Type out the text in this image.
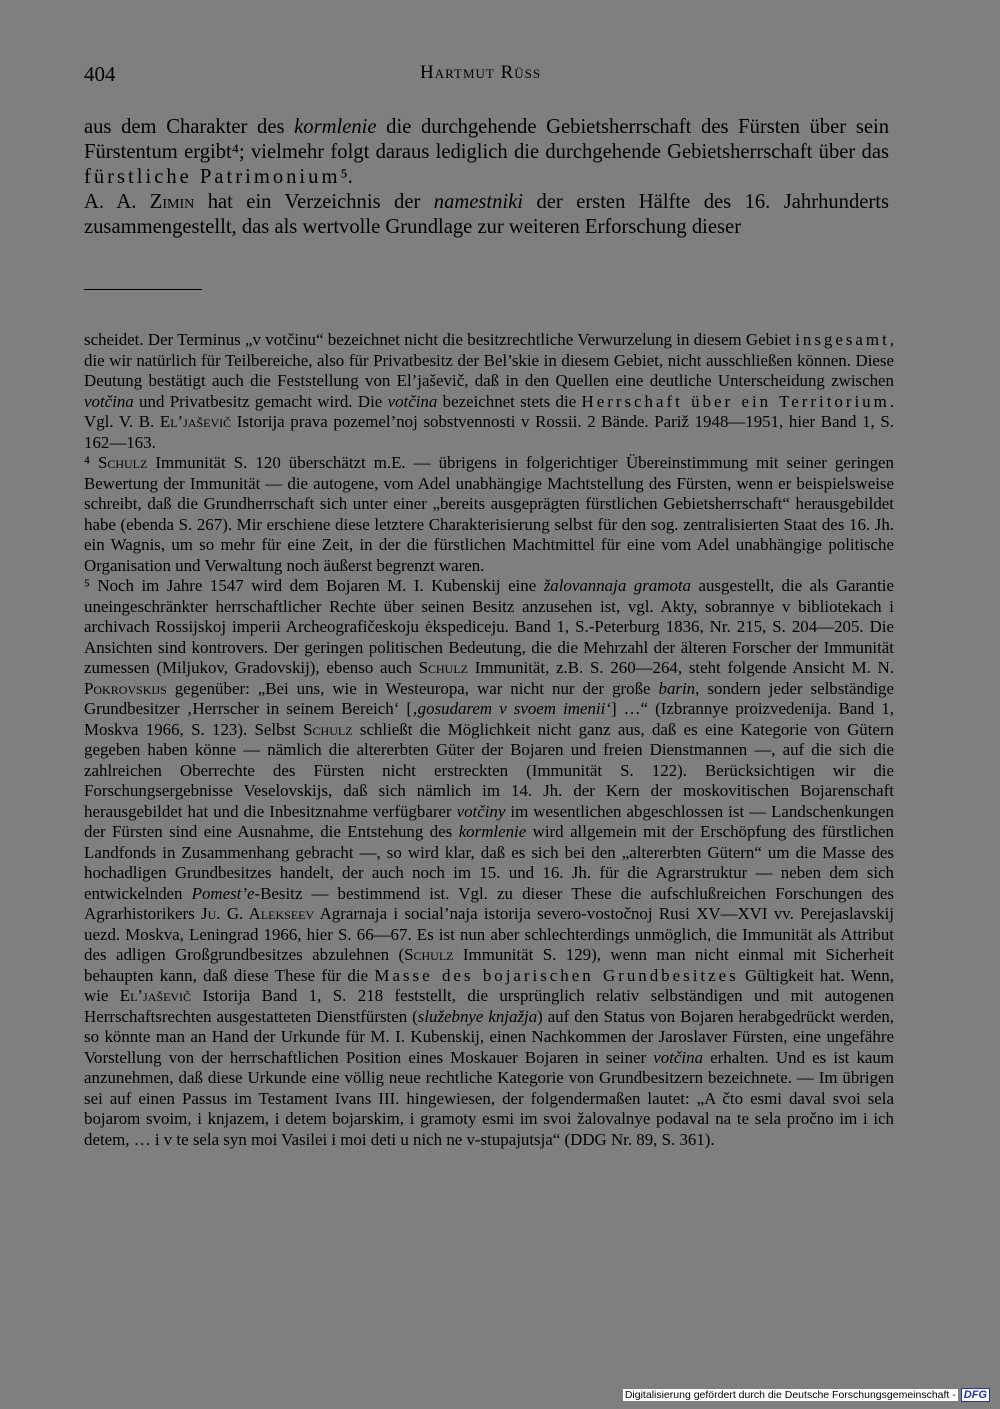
404	Hartmut Rüss

aus dem Charakter des kormlenie die durchgehende Gebietsherrschaft des Fürsten über sein Fürstentum ergibt⁴; vielmehr folgt daraus lediglich die durchgehende Gebietsherrschaft über das fürstliche Patrimonium⁵.

A. A. Zimin hat ein Verzeichnis der namestniki der ersten Hälfte des 16. Jahrhunderts zusammengestellt, das als wertvolle Grundlage zur weiteren Erforschung dieser

scheidet. Der Terminus „v votčinu“ bezeichnet nicht die besitzrechtliche Verwurzelung in diesem Gebiet insgesamt, die wir natürlich für Teilbereiche, also für Privatbesitz der Bel’skie in diesem Gebiet, nicht ausschließen können. Diese Deutung bestätigt auch die Feststellung von El’jaševič, daß in den Quellen eine deutliche Unterscheidung zwischen votčina und Privatbesitz gemacht wird. Die votčina bezeichnet stets die Herrschaft über ein Territorium. Vgl. V. B. El’jaševič Istorija prava pozemel’noj sobstvennosti v Rossii. 2 Bände. Pariž 1948—1951, hier Band 1, S. 162—163.

⁴ Schulz Immunität S. 120 überschätzt m.E. — übrigens in folgerichtiger Übereinstimmung mit seiner geringen Bewertung der Immunität — die autogene, vom Adel unabhängige Machtstellung des Fürsten, wenn er beispielsweise schreibt, daß die Grundherrschaft sich unter einer „bereits ausgeprägten fürstlichen Gebietsherrschaft“ herausgebildet habe (ebenda S. 267). Mir erschiene diese letztere Charakterisierung selbst für den sog. zentralisierten Staat des 16. Jh. ein Wagnis, um so mehr für eine Zeit, in der die fürstlichen Machtmittel für eine vom Adel unabhängige politische Organisation und Verwaltung noch äußerst begrenzt waren.

⁵ Noch im Jahre 1547 wird dem Bojaren M. I. Kubenskij eine žalovannaja gramota ausgestellt, die als Garantie uneingeschränkter herrschaftlicher Rechte über seinen Besitz anzusehen ist, vgl. Akty, sobrannye v bibliotekach i archivach Rossijskoj imperii Archeografičeskoju ėkspediceju. Band 1, S.-Peterburg 1836, Nr. 215, S. 204—205. Die Ansichten sind kontrovers. Der geringen politischen Bedeutung, die die Mehrzahl der älteren Forscher der Immunität zumessen (Miljukov, Gradovskij), ebenso auch Schulz Immunität, z.B. S. 260—264, steht folgende Ansicht M. N. Pokrovskijs gegenüber: „Bei uns, wie in Westeuropa, war nicht nur der große barin, sondern jeder selbständige Grundbesitzer ‚Herrscher in seinem Bereich‘ [‚gosudarem v svoem imenii‘] …“ (Izbrannye proizvedenija. Band 1, Moskva 1966, S. 123). Selbst Schulz schließt die Möglichkeit nicht ganz aus, daß es eine Kategorie von Gütern gegeben haben könne — nämlich die altererbten Güter der Bojaren und freien Dienstmannen —, auf die sich die zahlreichen Oberrechte des Fürsten nicht erstreckten (Immunität S. 122). Berücksichtigen wir die Forschungsergebnisse Veselovskijs, daß sich nämlich im 14. Jh. der Kern der moskovitischen Bojarenschaft herausgebildet hat und die Inbesitznahme verfügbarer votčiny im wesentlichen abgeschlossen ist — Landschenkungen der Fürsten sind eine Ausnahme, die Entstehung des kormlenie wird allgemein mit der Erschöpfung des fürstlichen Landfonds in Zusammenhang gebracht —, so wird klar, daß es sich bei den „altererbten Gütern“ um die Masse des hochadligen Grundbesitzes handelt, der auch noch im 15. und 16. Jh. für die Agrarstruktur — neben dem sich entwickelnden Pomest’e-Besitz — bestimmend ist. Vgl. zu dieser These die aufschlußreichen Forschungen des Agrarhistorikers Ju. G. Alekseev Agrarnaja i social’naja istorija severo-vostočnoj Rusi XV—XVI vv. Perejaslavskij uezd. Moskva, Leningrad 1966, hier S. 66—67. Es ist nun aber schlechterdings unmöglich, die Immunität als Attribut des adligen Großgrundbesitzes abzulehnen (Schulz Immunität S. 129), wenn man nicht einmal mit Sicherheit behaupten kann, daß diese These für die Masse des bojarischen Grundbesitzes Gültigkeit hat. Wenn, wie El’jaševič Istorija Band 1, S. 218 feststellt, die ursprünglich relativ selbständigen und mit autogenen Herrschaftsrechten ausgestatteten Dienstfürsten (služebnye knjažja) auf den Status von Bojaren herabgedrückt werden, so könnte man an Hand der Urkunde für M. I. Kubenskij, einen Nachkommen der Jaroslaver Fürsten, eine ungefähre Vorstellung von der herrschaftlichen Position eines Moskauer Bojaren in seiner votčina erhalten. Und es ist kaum anzunehmen, daß diese Urkunde eine völlig neue rechtliche Kategorie von Grundbesitzern bezeichnete. — Im übrigen sei auf einen Passus im Testament Ivans III. hingewiesen, der folgendermaßen lautet: „A čto esmi daval svoi sela bojarom svoim, i knjazem, i detem bojarskim, i gramoty esmi im svoi žalovalnye podaval na te sela pročno im i ich detem, … i v te sela syn moi Vasilei i moi deti u nich ne v-stupajutsja“ (DDG Nr. 89, S. 361).

Digitalisierung gefördert durch die Deutsche Forschungsgemeinschaft - DFG
